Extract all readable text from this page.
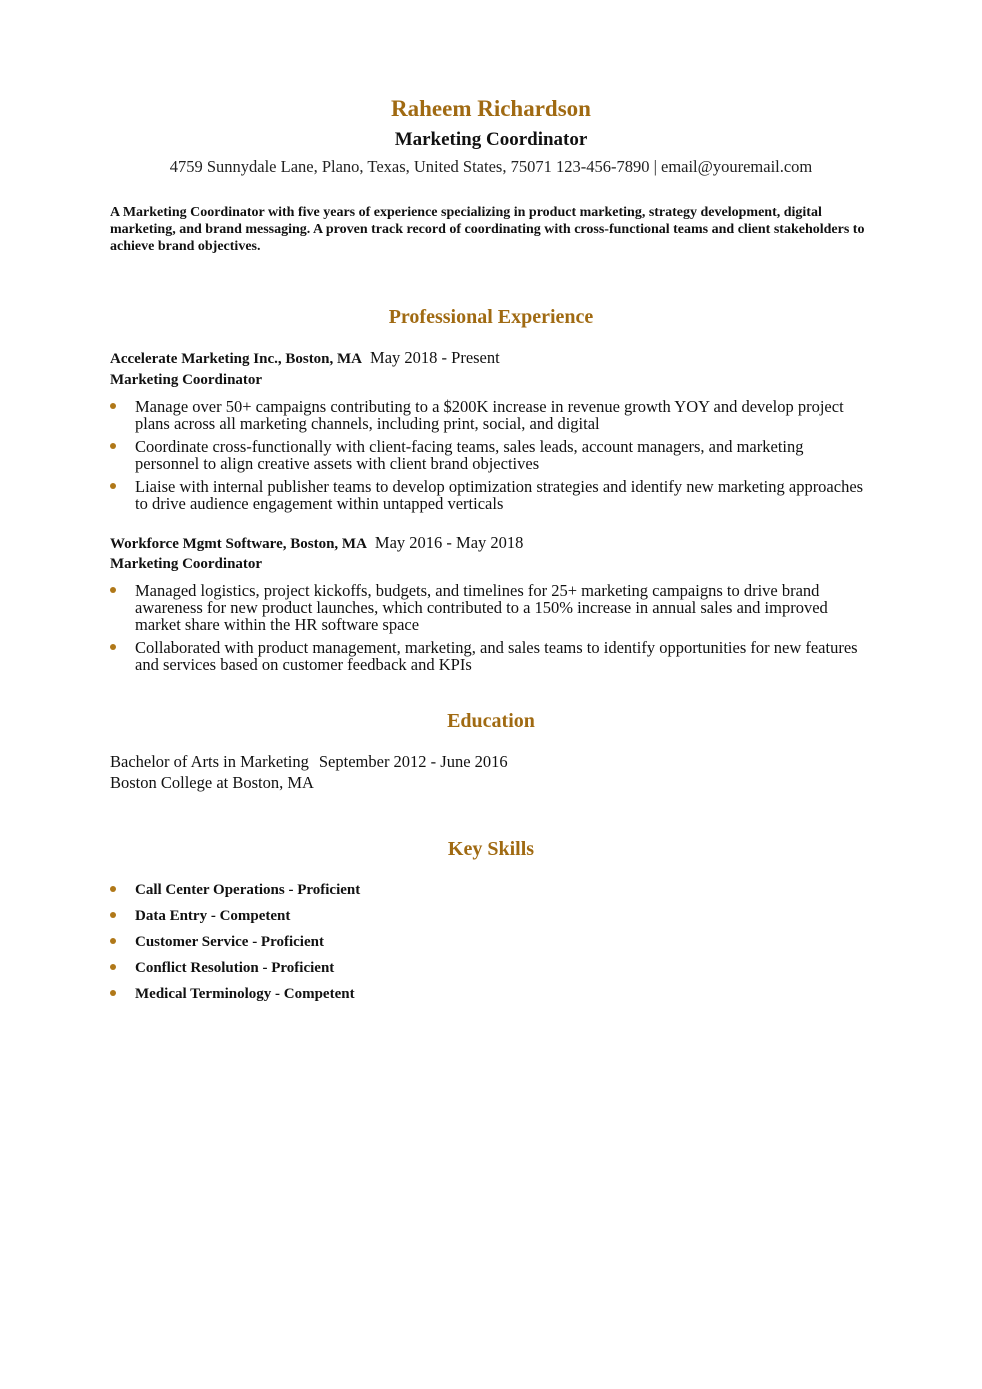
Raheem Richardson
Marketing Coordinator
4759 Sunnydale Lane, Plano, Texas, United States, 75071 123-456-7890 | email@youremail.com
A Marketing Coordinator with five years of experience specializing in product marketing, strategy development, digital marketing, and brand messaging. A proven track record of coordinating with cross-functional teams and client stakeholders to achieve brand objectives.
Professional Experience
Accelerate Marketing Inc., Boston, MA May 2018 - Present
Marketing Coordinator
Manage over 50+ campaigns contributing to a $200K increase in revenue growth YOY and develop project plans across all marketing channels, including print, social, and digital
Coordinate cross-functionally with client-facing teams, sales leads, account managers, and marketing personnel to align creative assets with client brand objectives
Liaise with internal publisher teams to develop optimization strategies and identify new marketing approaches to drive audience engagement within untapped verticals
Workforce Mgmt Software, Boston, MA May 2016 - May 2018
Marketing Coordinator
Managed logistics, project kickoffs, budgets, and timelines for 25+ marketing campaigns to drive brand awareness for new product launches, which contributed to a 150% increase in annual sales and improved market share within the HR software space
Collaborated with product management, marketing, and sales teams to identify opportunities for new features and services based on customer feedback and KPIs
Education
Bachelor of Arts in Marketing September 2012 - June 2016
Boston College at Boston, MA
Key Skills
Call Center Operations - Proficient
Data Entry - Competent
Customer Service - Proficient
Conflict Resolution - Proficient
Medical Terminology - Competent
